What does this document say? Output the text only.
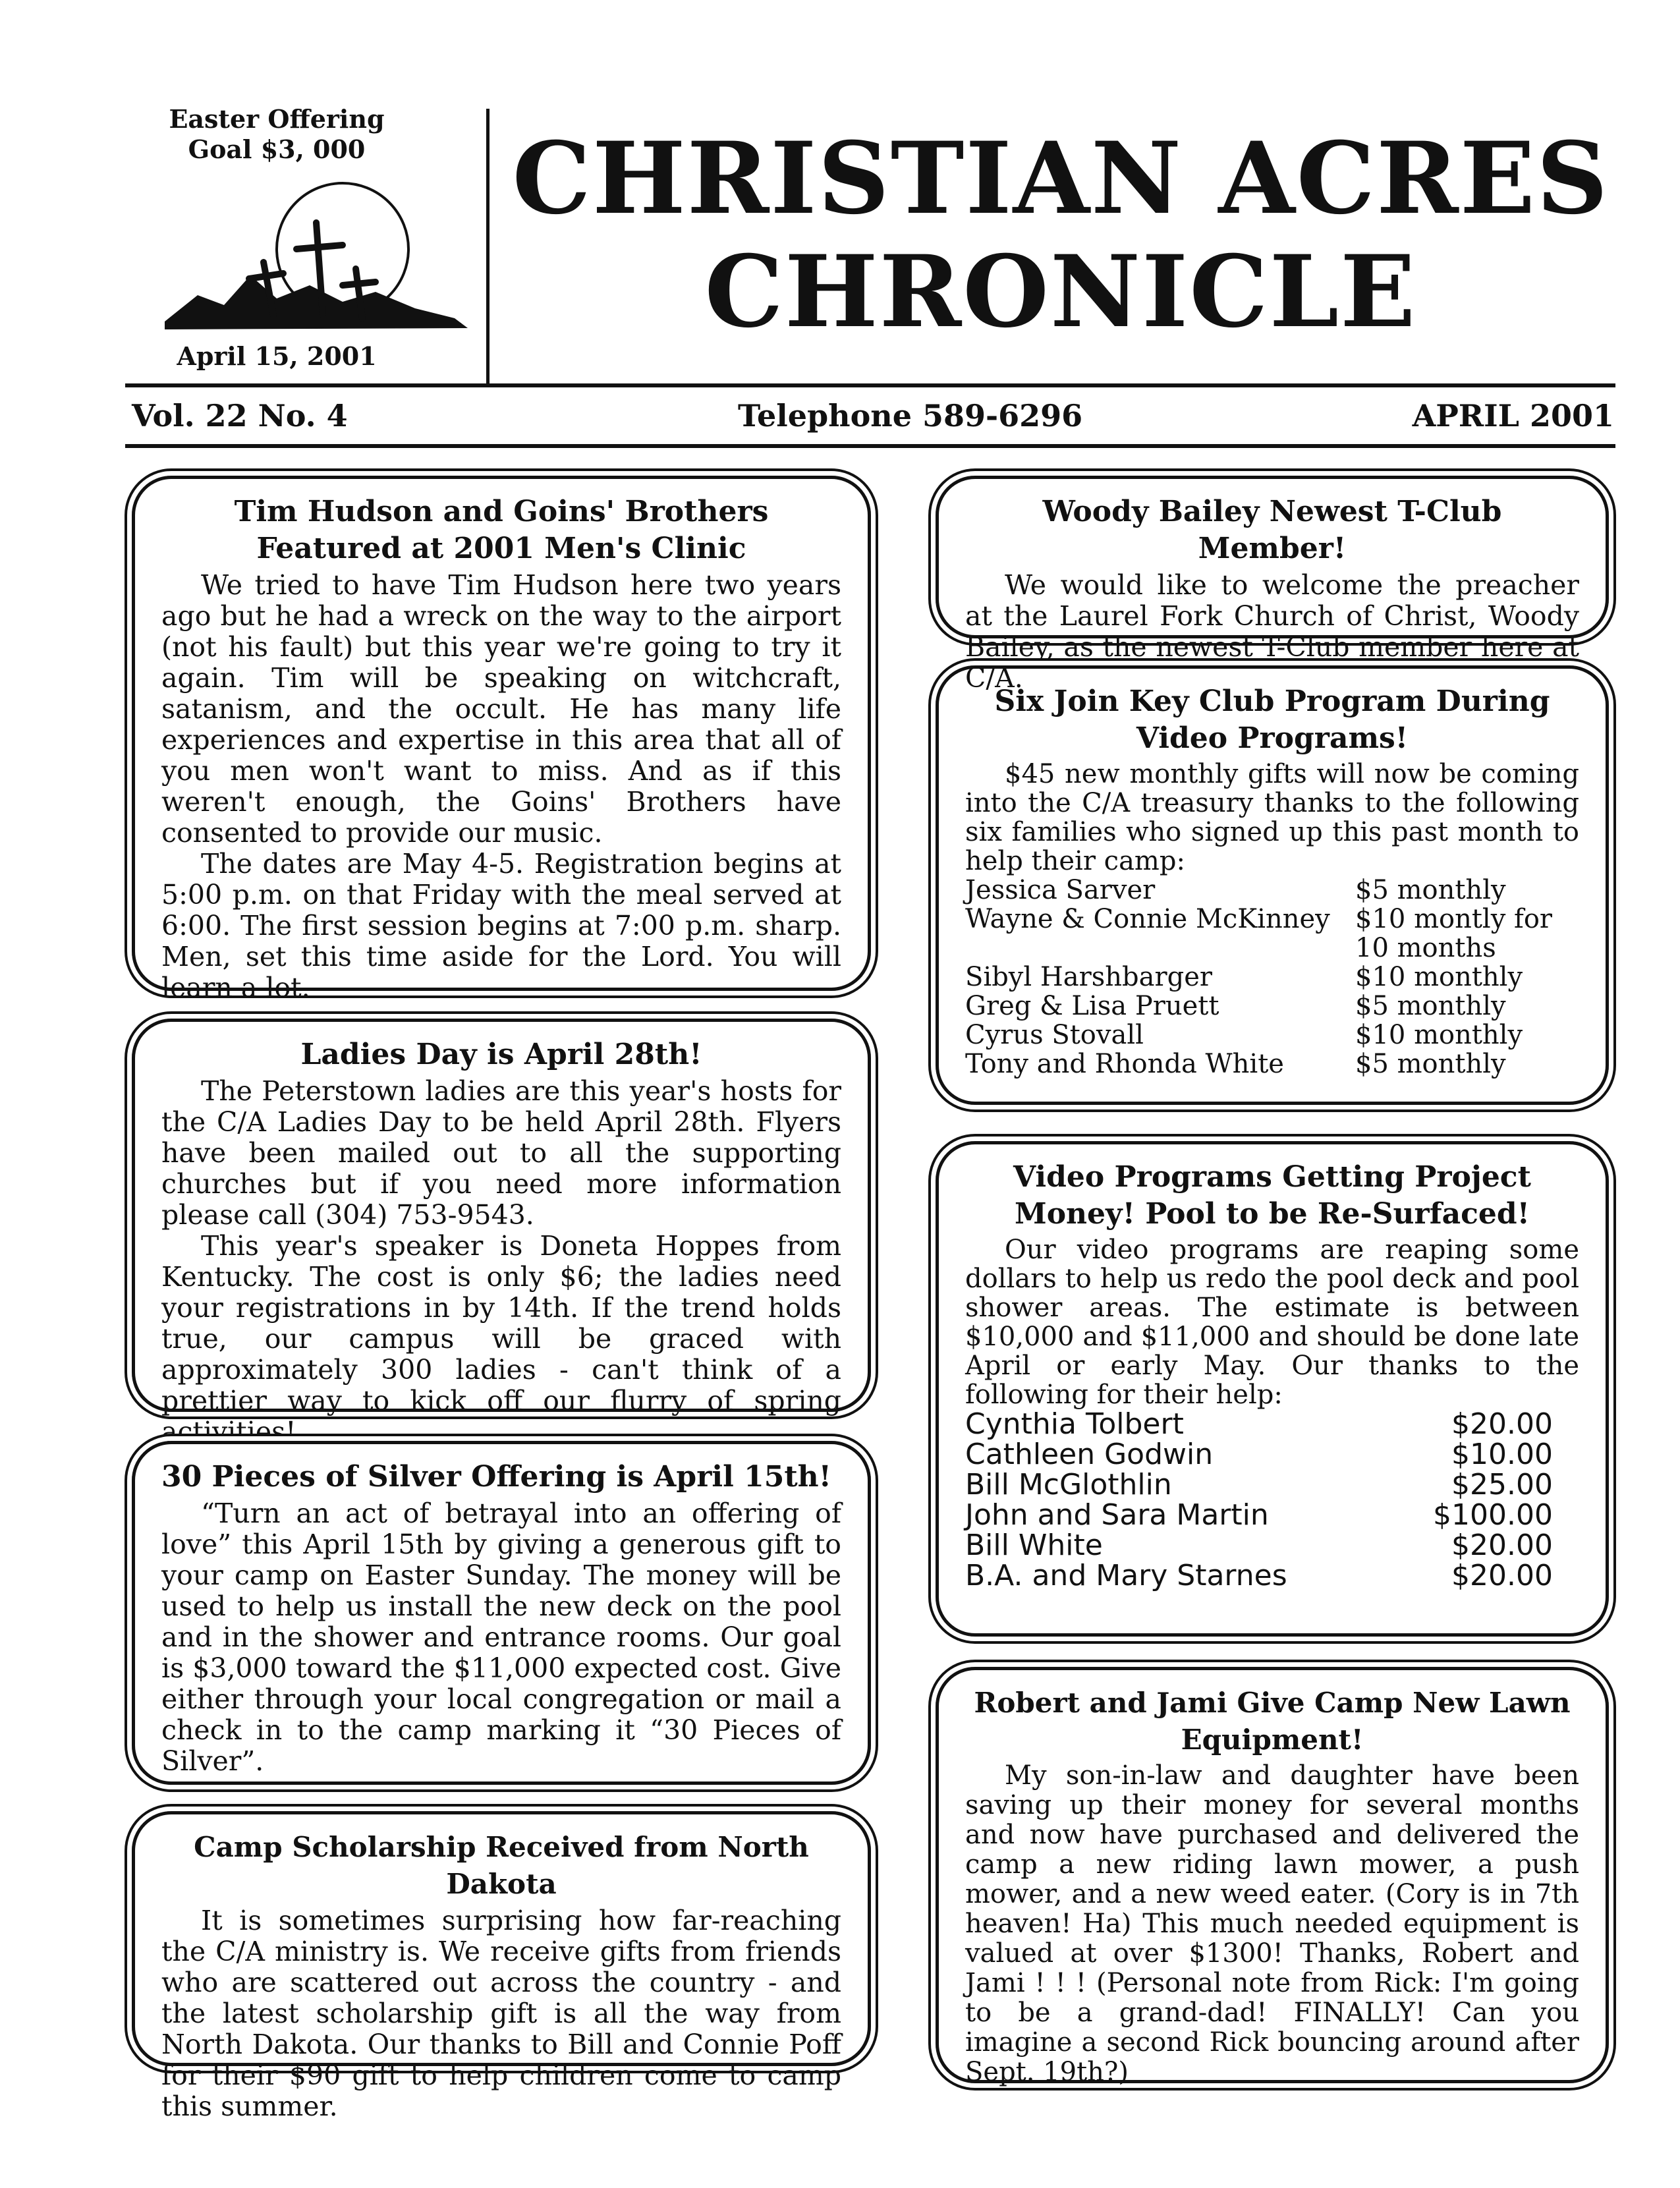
Easter Offering
Goal $3, 000
April 15, 2001
CHRISTIAN ACRES
CHRONICLE
Vol. 22 No. 4	Telephone 589-6296	APRIL 2001
Tim Hudson and Goins' Brothers
Featured at 2001 Men's Clinic

We tried to have Tim Hudson here two years ago but he had a wreck on the way to the airport (not his fault) but this year we're going to try it again. Tim will be speaking on witchcraft, satanism, and the occult. He has many life experiences and expertise in this area that all of you men won't want to miss. And as if this weren't enough, the Goins' Brothers have consented to provide our music.

The dates are May 4-5. Registration begins at 5:00 p.m. on that Friday with the meal served at 6:00. The first session begins at 7:00 p.m. sharp. Men, set this time aside for the Lord. You will learn a lot.

Ladies Day is April 28th!

The Peterstown ladies are this year's hosts for the C/A Ladies Day to be held April 28th. Flyers have been mailed out to all the supporting churches but if you need more information please call (304) 753-9543.

This year's speaker is Doneta Hoppes from Kentucky. The cost is only $6; the ladies need your registrations in by 14th. If the trend holds true, our campus will be graced with approximately 300 ladies - can't think of a prettier way to kick off our flurry of spring activities!

30 Pieces of Silver Offering is April 15th!

“Turn an act of betrayal into an offering of love” this April 15th by giving a generous gift to your camp on Easter Sunday. The money will be used to help us install the new deck on the pool and in the shower and entrance rooms. Our goal is $3,000 toward the $11,000 expected cost. Give either through your local congregation or mail a check in to the camp marking it “30 Pieces of Silver”.

Camp Scholarship Received from North Dakota

It is sometimes surprising how far-reaching the C/A ministry is. We receive gifts from friends who are scattered out across the country - and the latest scholarship gift is all the way from North Dakota. Our thanks to Bill and Connie Poff for their $90 gift to help children come to camp this summer.

Woody Bailey Newest T-Club Member!

We would like to welcome the preacher at the Laurel Fork Church of Christ, Woody Bailey, as the newest T-Club member here at C/A.

Six Join Key Club Program During
Video Programs!

$45 new monthly gifts will now be coming into the C/A treasury thanks to the following six families who signed up this past month to help their camp:

Jessica Sarver	$5 monthly
Wayne & Connie McKinney	$10 montly for 10 months
Sibyl Harshbarger	$10 monthly
Greg & Lisa Pruett	$5 monthly
Cyrus Stovall	$10 monthly
Tony and Rhonda White	$5 monthly
Video Programs Getting Project
Money! Pool to be Re-Surfaced!

Our video programs are reaping some dollars to help us redo the pool deck and pool shower areas. The estimate is between $10,000 and $11,000 and should be done late April or early May. Our thanks to the following for their help:

Cynthia Tolbert	$20.00
Cathleen Godwin	$10.00
Bill McGlothlin	$25.00
John and Sara Martin	$100.00
Bill White	$20.00
B.A. and Mary Starnes	$20.00
Robert and Jami Give Camp New Lawn
Equipment!

My son-in-law and daughter have been saving up their money for several months and now have purchased and delivered the camp a new riding lawn mower, a push mower, and a new weed eater. (Cory is in 7th heaven! Ha) This much needed equipment is valued at over $1300! Thanks, Robert and Jami ! ! ! (Personal note from Rick: I'm going to be a grand-dad! FINALLY! Can you imagine a second Rick bouncing around after Sept. 19th?)
